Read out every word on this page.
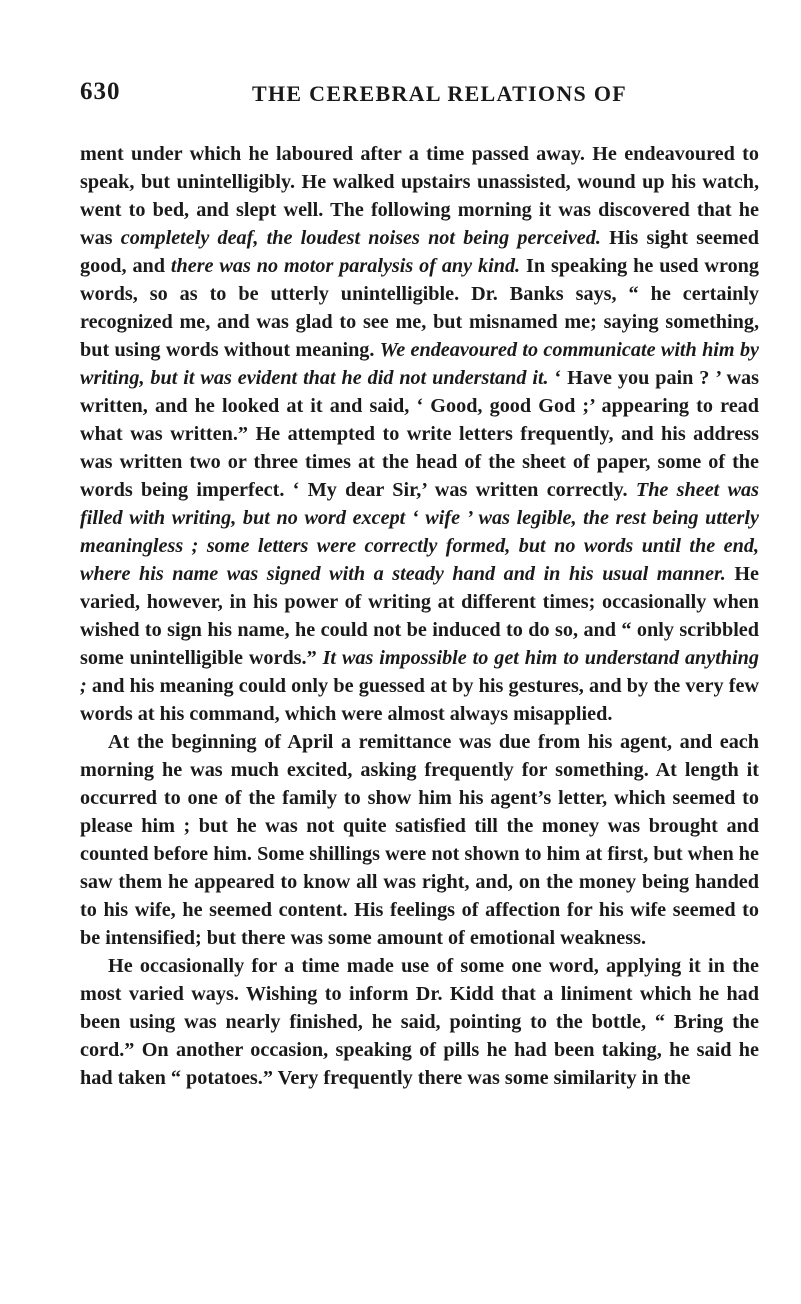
630	THE CEREBRAL RELATIONS OF

ment under which he laboured after a time passed away. He endeavoured to speak, but unintelligibly. He walked upstairs unassisted, wound up his watch, went to bed, and slept well. The following morning it was discovered that he was completely deaf, the loudest noises not being perceived. His sight seemed good, and there was no motor paralysis of any kind. In speaking he used wrong words, so as to be utterly unintelligible. Dr. Banks says, “ he certainly recognized me, and was glad to see me, but misnamed me; saying something, but using words without meaning. We endeavoured to communicate with him by writing, but it was evident that he did not understand it. ‘ Have you pain ? ’ was written, and he looked at it and said, ‘ Good, good God ;’ appearing to read what was written.” He attempted to write letters frequently, and his address was written two or three times at the head of the sheet of paper, some of the words being imperfect. ‘ My dear Sir,’ was written correctly. The sheet was filled with writing, but no word except ‘ wife ’ was legible, the rest being utterly meaningless ; some letters were correctly formed, but no words until the end, where his name was signed with a steady hand and in his usual manner. He varied, however, in his power of writing at different times; occasionally when wished to sign his name, he could not be induced to do so, and “ only scribbled some unintelligible words.” It was impossible to get him to understand anything ; and his meaning could only be guessed at by his gestures, and by the very few words at his command, which were almost always misapplied.

At the beginning of April a remittance was due from his agent, and each morning he was much excited, asking frequently for something. At length it occurred to one of the family to show him his agent’s letter, which seemed to please him ; but he was not quite satisfied till the money was brought and counted before him. Some shillings were not shown to him at first, but when he saw them he appeared to know all was right, and, on the money being handed to his wife, he seemed content. His feelings of affection for his wife seemed to be intensified; but there was some amount of emotional weakness.

He occasionally for a time made use of some one word, applying it in the most varied ways. Wishing to inform Dr. Kidd that a liniment which he had been using was nearly finished, he said, pointing to the bottle, “ Bring the cord.” On another occasion, speaking of pills he had been taking, he said he had taken “ potatoes.” Very frequently there was some similarity in the
